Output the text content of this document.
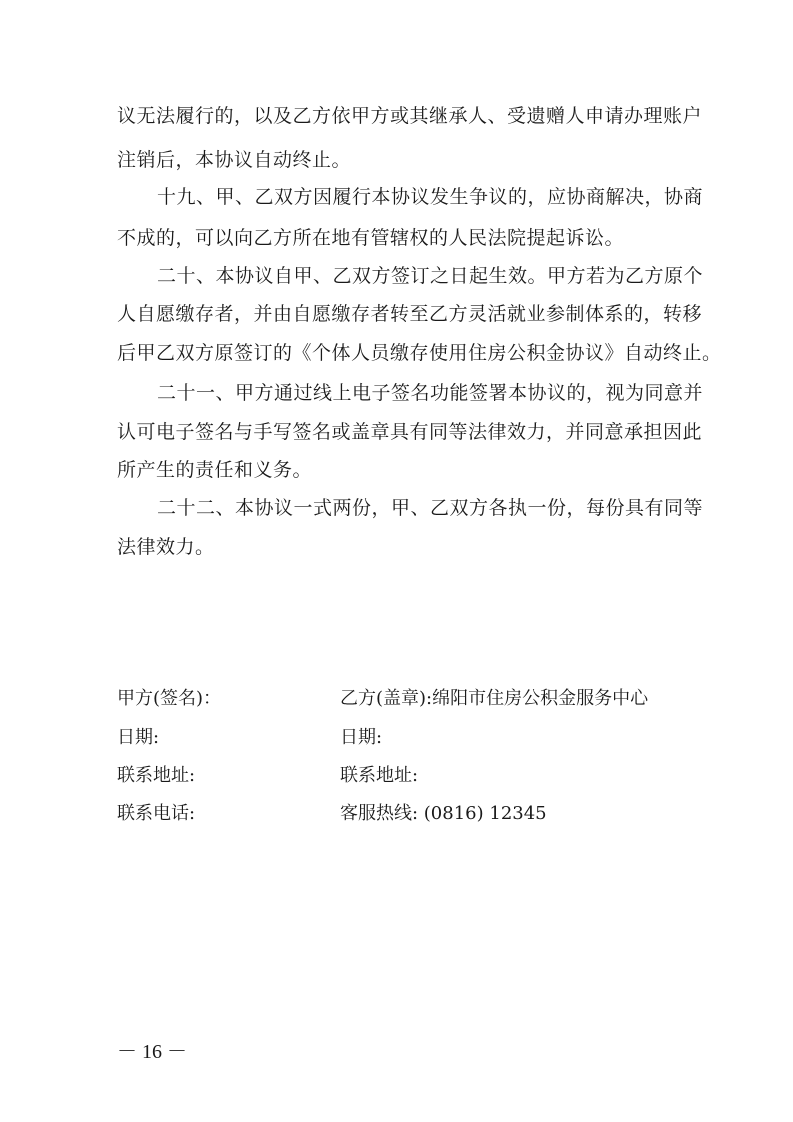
议无法履行的，以及乙方依甲方或其继承人、受遗赠人申请办理账户
注销后，本协议自动终止。
十九、甲、乙双方因履行本协议发生争议的，应协商解决，协商
不成的，可以向乙方所在地有管辖权的人民法院提起诉讼。
二十、本协议自甲、乙双方签订之日起生效。甲方若为乙方原个
人自愿缴存者，并由自愿缴存者转至乙方灵活就业参制体系的，转移
后甲乙双方原签订的《个体人员缴存使用住房公积金协议》自动终止。
二十一、甲方通过线上电子签名功能签署本协议的，视为同意并
认可电子签名与手写签名或盖章具有同等法律效力，并同意承担因此
所产生的责任和义务。
二十二、本协议一式两份，甲、乙双方各执一份，每份具有同等
法律效力。
甲方(签名)：	乙方(盖章):绵阳市住房公积金服务中心
日期:	日期:
联系地址:	联系地址:
联系电话:	客服热线: (0816) 12345
－ 16 －
